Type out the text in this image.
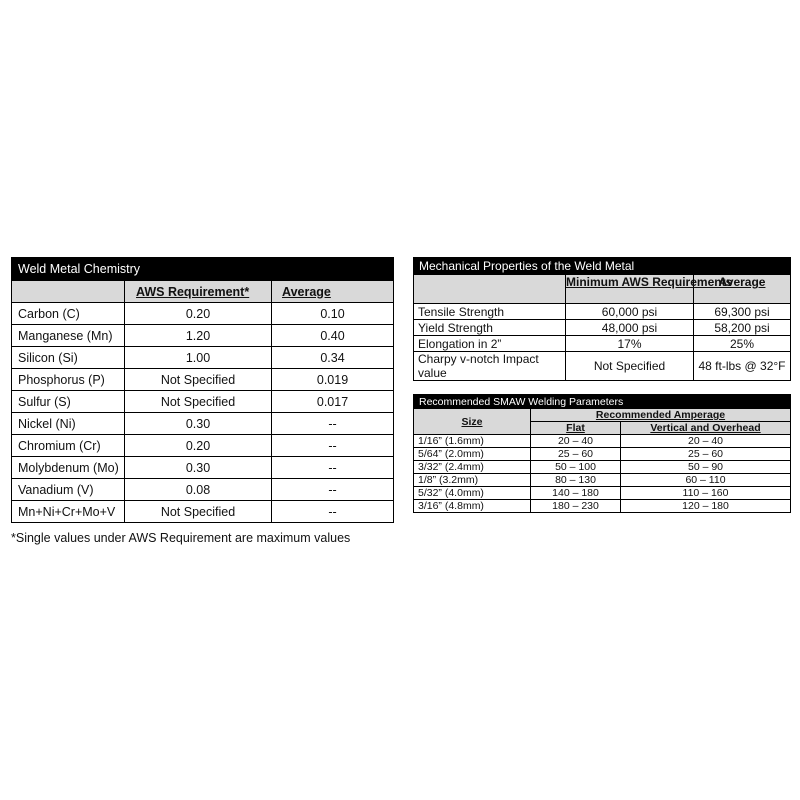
Weld Metal Chemistry		
	AWS Requirement*	Average
Carbon (C)	0.20	0.10
Manganese (Mn)	1.20	0.40
Silicon (Si)	1.00	0.34
Phosphorus (P)	Not Specified	0.019
Sulfur (S)	Not Specified	0.017
Nickel (Ni)	0.30	--
Chromium (Cr)	0.20	--
Molybdenum (Mo)	0.30	--
Vanadium (V)	0.08	--
Mn+Ni+Cr+Mo+V	Not Specified	--
*Single values under AWS Requirement are maximum values
Mechanical Properties of the Weld Metal		
	Minimum AWS Requirements	Average
Tensile Strength	60,000 psi	69,300 psi
Yield Strength	48,000 psi	58,200 psi
Elongation in 2”	17%	25%
Charpy v-notch Impact value	Not Specified	48 ft-lbs @ 32°F
Recommended SMAW Welding Parameters		
Size	Recommended Amperage	
	Flat	Vertical and Overhead
1/16” (1.6mm)	20 – 40	20 – 40
5/64” (2.0mm)	25 – 60	25 – 60
3/32” (2.4mm)	50 – 100	50 – 90
1/8” (3.2mm)	80 – 130	60 – 110
5/32” (4.0mm)	140 – 180	110 – 160
3/16” (4.8mm)	180 – 230	120 – 180
